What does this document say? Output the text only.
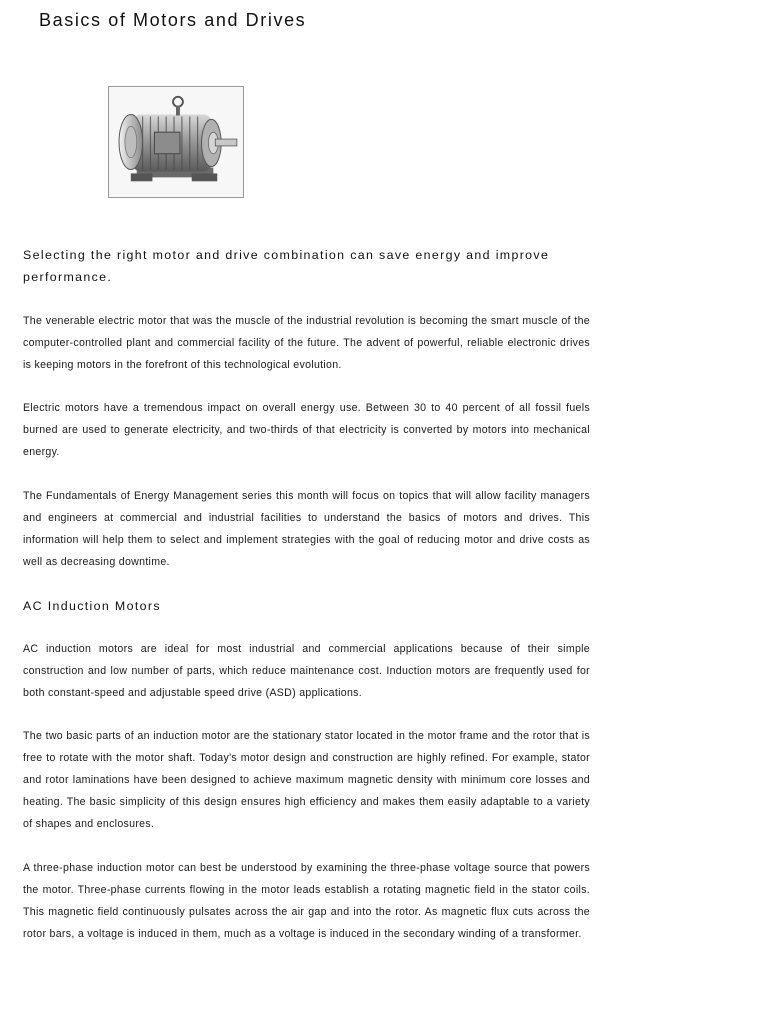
Basics of Motors and Drives

Selecting the right motor and drive combination can save energy and improve performance.

The venerable electric motor that was the muscle of the industrial revolution is becoming the smart muscle of the computer-controlled plant and commercial facility of the future. The advent of powerful, reliable electronic drives is keeping motors in the forefront of this technological evolution.

Electric motors have a tremendous impact on overall energy use. Between 30 to 40 percent of all fossil fuels burned are used to generate electricity, and two-thirds of that electricity is converted by motors into mechanical energy.

The Fundamentals of Energy Management series this month will focus on topics that will allow facility managers and engineers at commercial and industrial facilities to understand the basics of motors and drives. This information will help them to select and implement strategies with the goal of reducing motor and drive costs as well as decreasing downtime.

AC Induction Motors

AC induction motors are ideal for most industrial and commercial applications because of their simple construction and low number of parts, which reduce maintenance cost. Induction motors are frequently used for both constant-speed and adjustable speed drive (ASD) applications.

The two basic parts of an induction motor are the stationary stator located in the motor frame and the rotor that is free to rotate with the motor shaft. Today's motor design and construction are highly refined. For example, stator and rotor laminations have been designed to achieve maximum magnetic density with minimum core losses and heating. The basic simplicity of this design ensures high efficiency and makes them easily adaptable to a variety of shapes and enclosures.

A three-phase induction motor can best be understood by examining the three-phase voltage source that powers the motor. Three-phase currents flowing in the motor leads establish a rotating magnetic field in the stator coils. This magnetic field continuously pulsates across the air gap and into the rotor. As magnetic flux cuts across the rotor bars, a voltage is induced in them, much as a voltage is induced in the secondary winding of a transformer.
